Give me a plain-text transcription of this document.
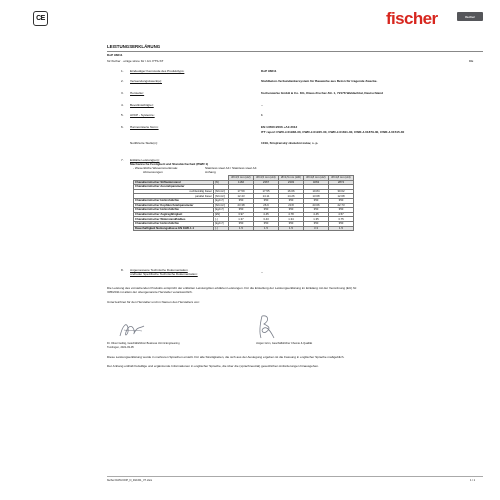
CE	fischer	fischer
LEISTUNGSERKLÄRUNG
DoP 96611
für fischer · einige sinne für / Art. PTS-ST	DE
1. Eindeutiger Kenncode des Produkttyps:	DoP 96611
2. Verwendungszweck(e):	Stahlbeton-Verbundankersystem für Bauwerke aus Beton für tragende Zwecke.
3. Hersteller:	fischerwerke GmbH & Co. KG, Klaus-Fischer-Str. 1, 72178 Waldachtal, Deutschland
4. Bevollmächtigter:	--
5. AVCP - System/e:	1
6. Harmonisierte Norm:	EN 14500:2006 +A1:2012
ITT report CWR-J-01938-30, CWR-J-01915-30, CWR-J-01811-30, CWR-J-01879-30, CWR-J-01515-30
Notifizierte Stelle(n):	1019, Strojírenský zkušební ústav, s. p.
7. Erklärte Leistung(en):
Mechanische Festigkeit und Standsicherheit (BWR 1)
- Wesentliche Wesensmerkmale:	Stainless steel A4 / Stainless steel A4
Abmessungen	Anhang
		Ø=4,5 mm (A2)	Ø=4,5 mm (A4)	Ø=4,5 mm (HD)	Ø=4,8 mm (A2)	Ø=4,8 mm (A4)
Charakteristischer Stiftwiderstand	[N]	1166	2367	2303	3263	2874
Charakteristischer Ausziehparameter						
rechtwinklig Faser	[N/mm²]	17.59	17.55	16.66	10.84	30.62
parallel Faser	[N/mm²]	12.43	14.11	14.26	13.68	12.68
Charakteristischer Holzrohdichte	[kg/m³]	350	350	350	350	350
Charakteristischer Kopfdurchziehparameter	[N/mm²]	23.38	26.9	23.8	23.66	22.73
Charakteristischer Holzrohdichte	[kg/m³]	350	350	350	350	350
Charakteristischer Zugtragfähigkeit	[kN]	3.97	4.45	4.78	4.45	4.57
Charakteristischer Widerstand/Halbes	[-]	1.37	3.43	1.34	1.35	3.75
Charakteristischer Holzrohdichte	[kg/m³]	350	350	350	350	350
Dauerhaftigkeit Nutzungsklasse EN 1995-1-1	[-]	1.5	1.5	1.5	3.3	1.5
8. Angemessene Technische Dokumentation
und/oder Spezifische Technische Dokumentation:	--
Die Leistung des vorstehenden Produkts entspricht der erklärten Leistung/den erklärten Leistungen. Für die Erstellung der Leistungserklärung im Einklang mit der Verordnung (EU) Nr.
305/2011 ist allein der obengenannte Hersteller verantwortlich.
Unterzeichnet für den Hersteller und im Namen des Herstellers von:
Dr. Oliver Geibig, Geschäftsführer Business Unit & Engineering
Tumlingen, 2021-03-05
Jürgen Grün, Geschäftsführer Chemie & Qualität
Diese Leistungserklärung wurde in mehreren Sprachen erstellt. Für alle Streitigkeiten, die sich aus der Auslegung ergeben ist die Fassung in englischer Sprache maßgeblich.
Der Anhang enthält freiwillige und ergänzende Informationen in englischer Sprache, die über die (sprachneutral) gesetzlichen Anforderungen hinausgehen.
fischer DATA DOP_N_33/n/01_V7.xlsm	1 / 1
